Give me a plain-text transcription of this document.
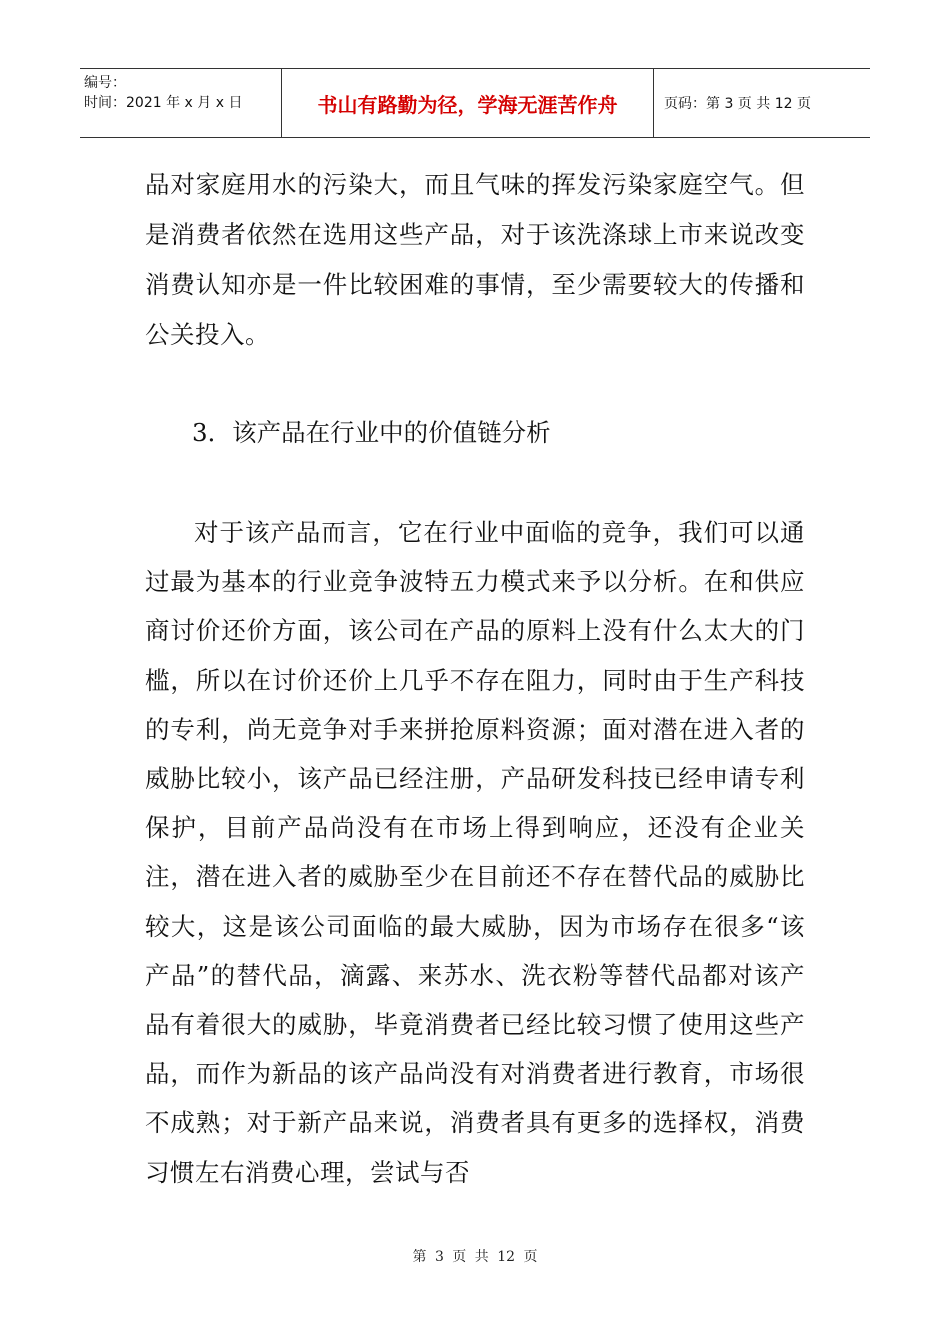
编号：
时间：2021 年 x 月 x 日	书山有路勤为径，学海无涯苦作舟	页码：第 3 页 共 12 页

品对家庭用水的污染大，而且气味的挥发污染家庭空气。但是消费者依然在选用这些产品，对于该洗涤球上市来说改变消费认知亦是一件比较困难的事情，至少需要较大的传播和公关投入。

3．该产品在行业中的价值链分析

对于该产品而言，它在行业中面临的竞争，我们可以通过最为基本的行业竞争波特五力模式来予以分析。在和供应商讨价还价方面，该公司在产品的原料上没有什么太大的门槛，所以在讨价还价上几乎不存在阻力，同时由于生产科技的专利，尚无竞争对手来拼抢原料资源；面对潜在进入者的威胁比较小，该产品已经注册，产品研发科技已经申请专利保护，目前产品尚没有在市场上得到响应，还没有企业关注，潜在进入者的威胁至少在目前还不存在替代品的威胁比较大，这是该公司面临的最大威胁，因为市场存在很多“该产品”的替代品，滴露、来苏水、洗衣粉等替代品都对该产品有着很大的威胁，毕竟消费者已经比较习惯了使用这些产品，而作为新品的该产品尚没有对消费者进行教育，市场很不成熟；对于新产品来说，消费者具有更多的选择权，消费习惯左右消费心理，尝试与否

第 3 页 共 12 页
